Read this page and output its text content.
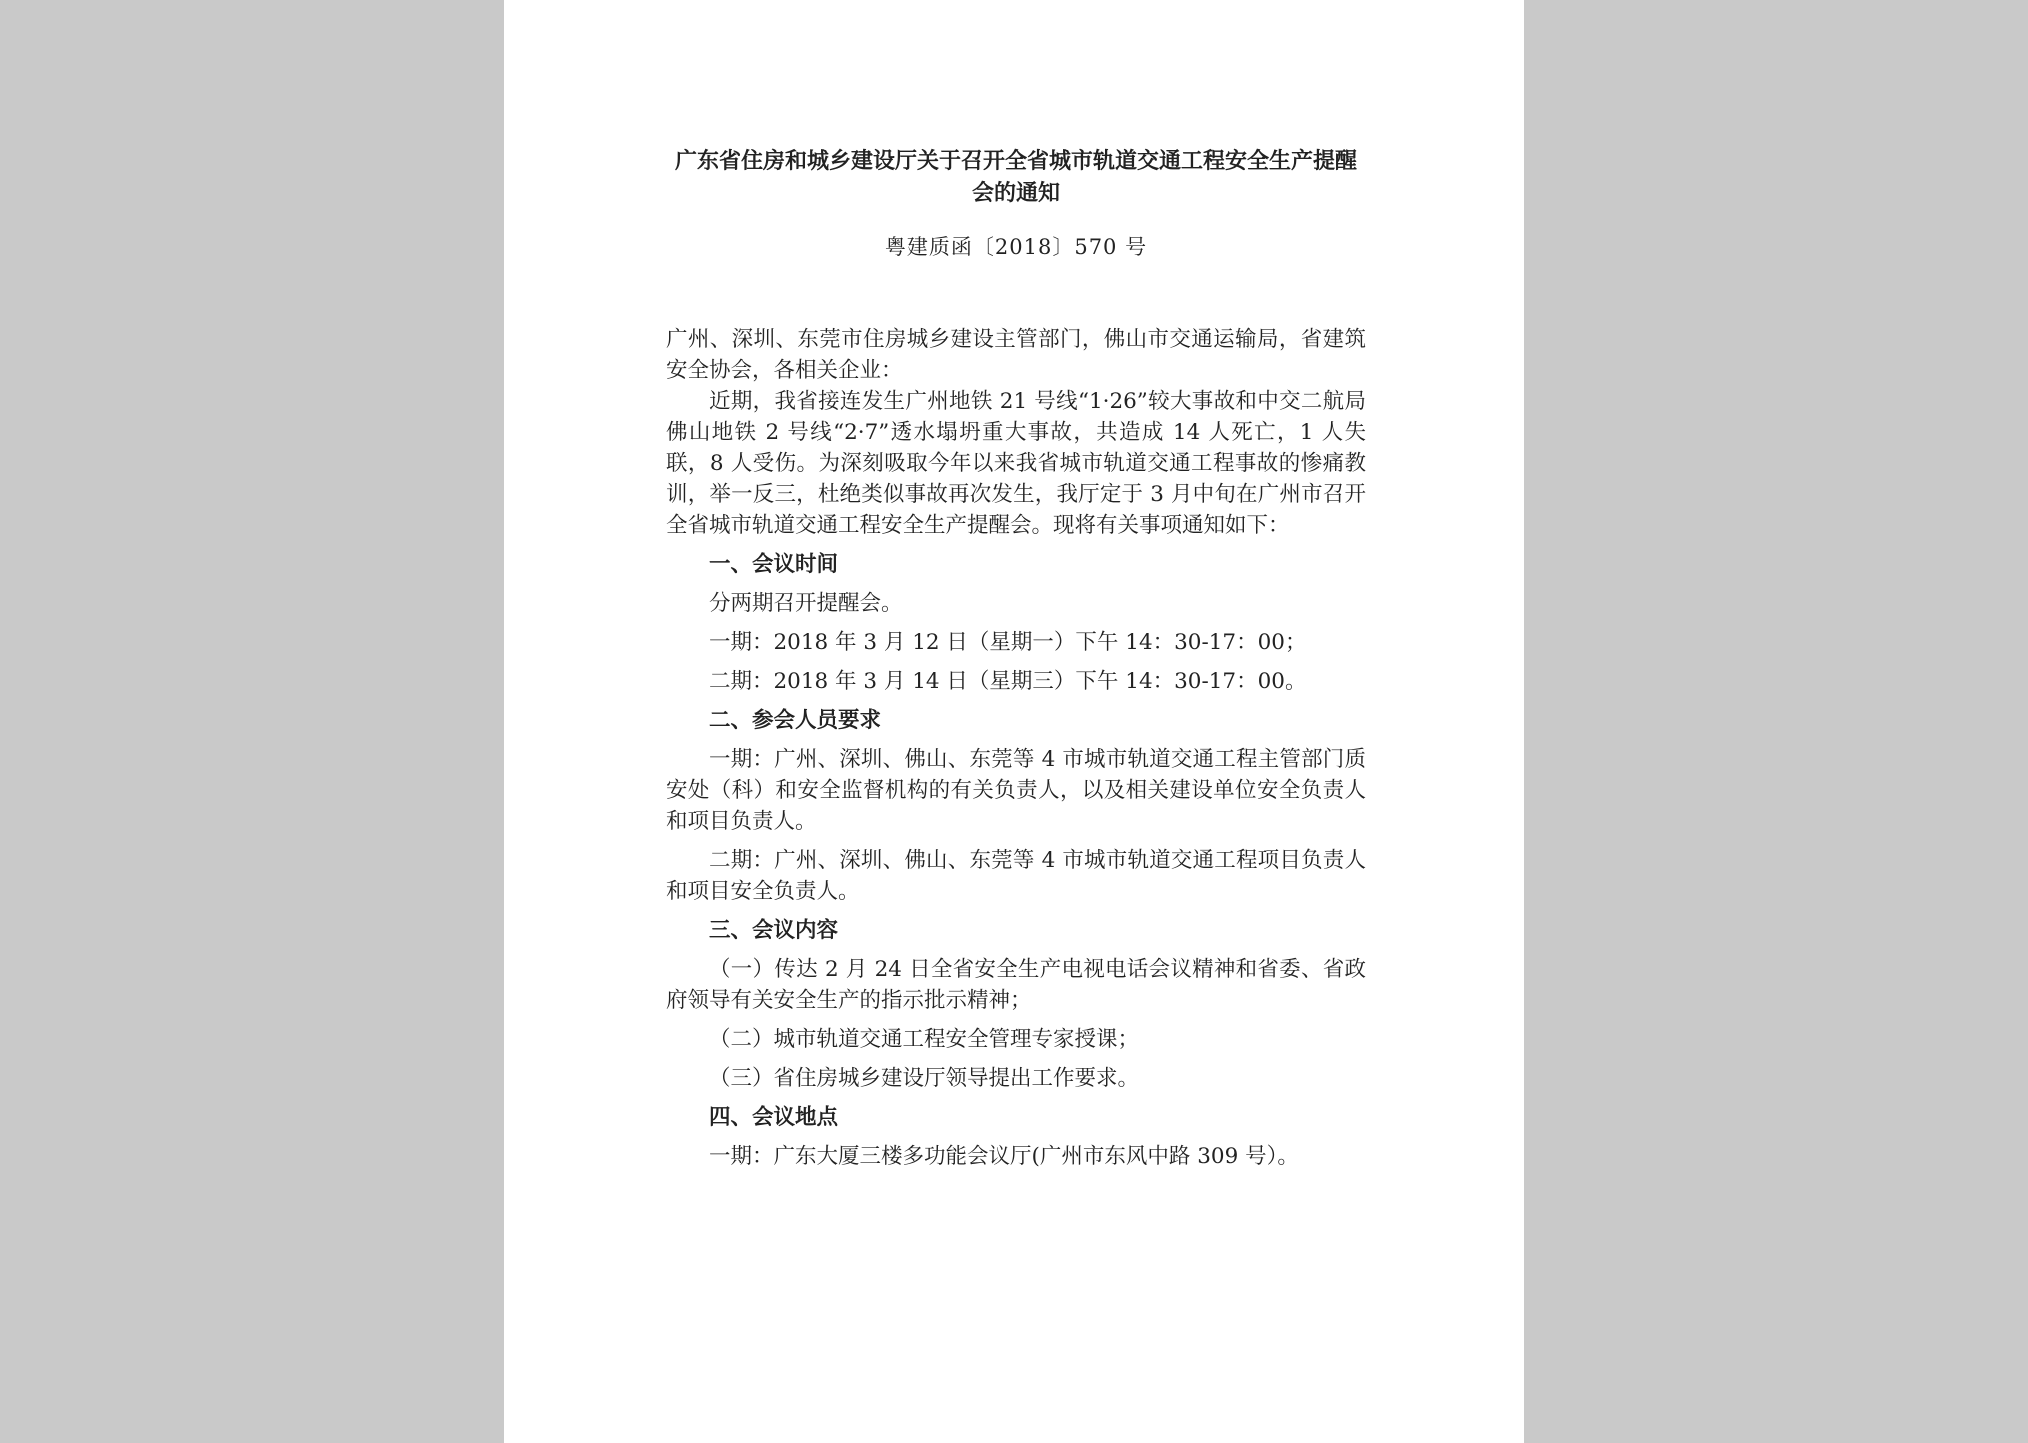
广东省住房和城乡建设厅关于召开全省城市轨道交通工程安全生产提醒会的通知
粤建质函〔2018〕570 号

广州、深圳、东莞市住房城乡建设主管部门，佛山市交通运输局，省建筑安全协会，各相关企业：

近期，我省接连发生广州地铁 21 号线“1·26”较大事故和中交二航局佛山地铁 2 号线“2·7”透水塌坍重大事故，共造成 14 人死亡，1 人失联，8 人受伤。为深刻吸取今年以来我省城市轨道交通工程事故的惨痛教训，举一反三，杜绝类似事故再次发生，我厅定于 3 月中旬在广州市召开全省城市轨道交通工程安全生产提醒会。现将有关事项通知如下：

一、会议时间

分两期召开提醒会。

一期：2018 年 3 月 12 日（星期一）下午 14：30-17：00；

二期：2018 年 3 月 14 日（星期三）下午 14：30-17：00。

二、参会人员要求

一期：广州、深圳、佛山、东莞等 4 市城市轨道交通工程主管部门质安处（科）和安全监督机构的有关负责人，以及相关建设单位安全负责人和项目负责人。

二期：广州、深圳、佛山、东莞等 4 市城市轨道交通工程项目负责人和项目安全负责人。

三、会议内容

（一）传达 2 月 24 日全省安全生产电视电话会议精神和省委、省政府领导有关安全生产的指示批示精神；

（二）城市轨道交通工程安全管理专家授课；

（三）省住房城乡建设厅领导提出工作要求。

四、会议地点

一期：广东大厦三楼多功能会议厅(广州市东风中路 309 号）。
